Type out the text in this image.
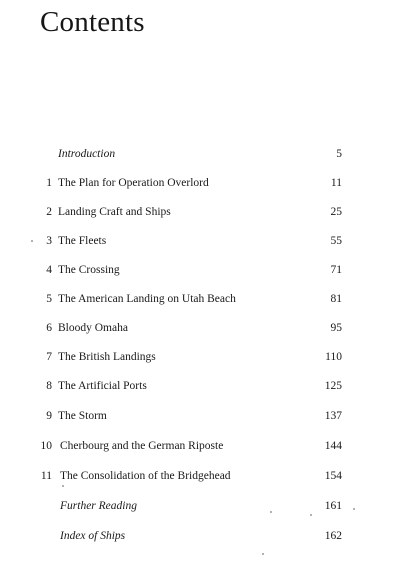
Contents
Introduction	5
1 The Plan for Operation Overlord	11
2 Landing Craft and Ships	25
3 The Fleets	55
4 The Crossing	71
5 The American Landing on Utah Beach	81
6 Bloody Omaha	95
7 The British Landings	110
8 The Artificial Ports	125
9 The Storm	137
10 Cherbourg and the German Riposte	144
11 The Consolidation of the Bridgehead	154
Further Reading	161
Index of Ships	162
